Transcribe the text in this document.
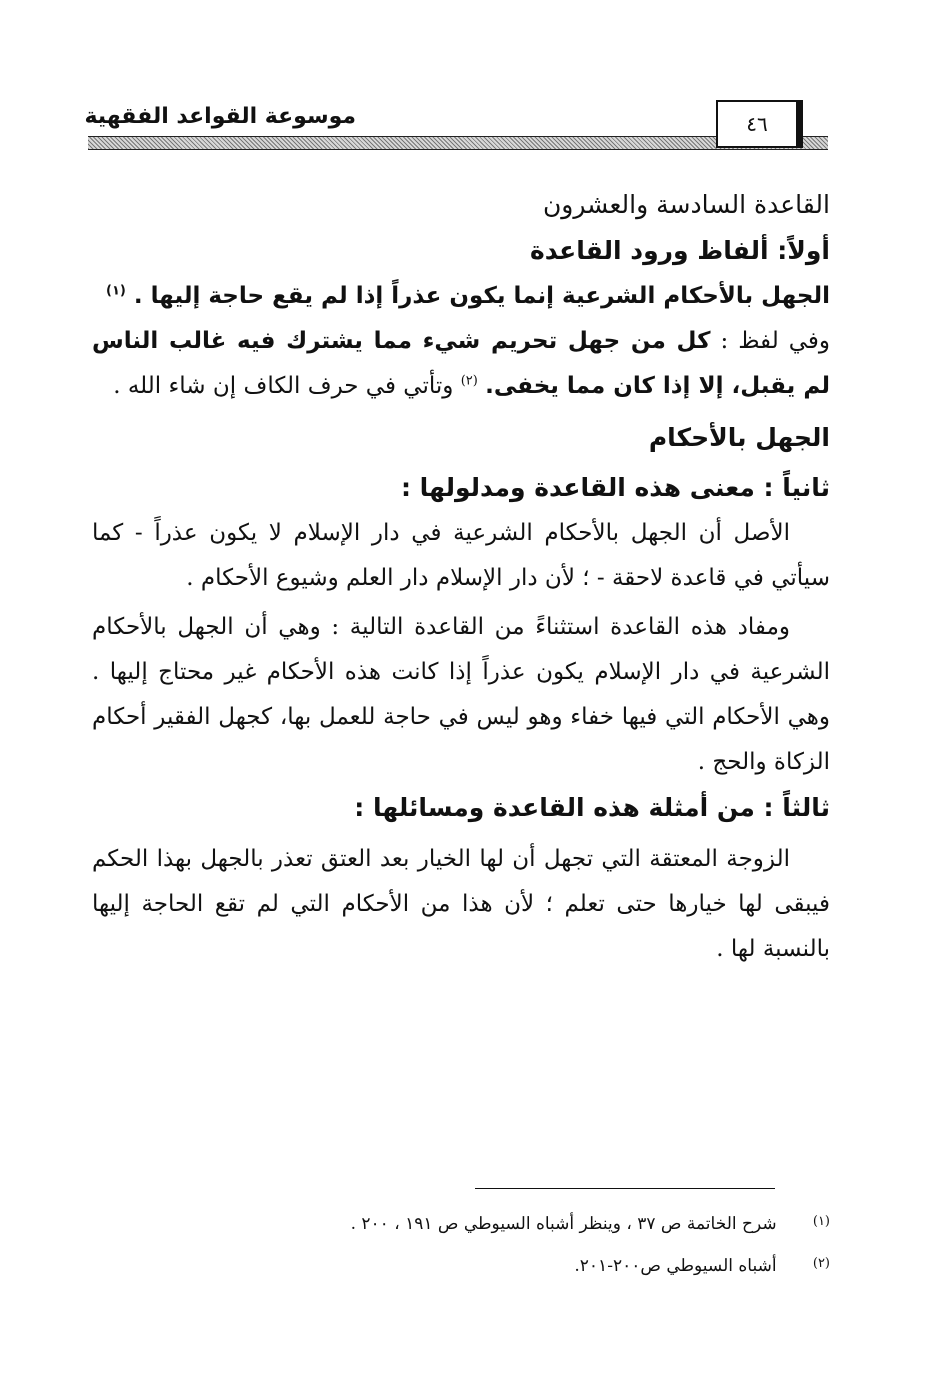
موسوعة القواعد الفقهية	٤٦

القاعدة السادسة والعشرون

أولاً: ألفاظ ورود القاعدة

الجهل بالأحكام الشرعية إنما يكون عذراً إذا لم يقع حاجة إليها . $^{(١)}$

وفي لفظ : كل من جهل تحريم شيء مما يشترك فيه غالب الناس لم يقبل، إلا إذا كان مما يخفى. $^{(٢)}$ وتأتي في حرف الكاف إن شاء الله .

الجهل بالأحكام

ثانياً : معنى هذه القاعدة ومدلولها :

الأصل أن الجهل بالأحكام الشرعية في دار الإسلام لا يكون عذراً - كما سيأتي في قاعدة لاحقة - ؛ لأن دار الإسلام دار العلم وشيوع الأحكام .

ومفاد هذه القاعدة استثناءً من القاعدة التالية : وهي أن الجهل بالأحكام الشرعية في دار الإسلام يكون عذراً إذا كانت هذه الأحكام غير محتاج إليها . وهي الأحكام التي فيها خفاء وهو ليس في حاجة للعمل بها، كجهل الفقير أحكام الزكاة والحج .

ثالثاً : من أمثلة هذه القاعدة ومسائلها :

الزوجة المعتقة التي تجهل أن لها الخيار بعد العتق تعذر بالجهل بهذا الحكم فيبقى لها خيارها حتى تعلم ؛ لأن هذا من الأحكام التي لم تقع الحاجة إليها بالنسبة لها .

(١) شرح الخاتمة ص ٣٧ ، وينظر أشباه السيوطي ص ١٩١ ، ٢٠٠ .
(٢) أشباه السيوطي ص٢٠٠-٢٠١.
